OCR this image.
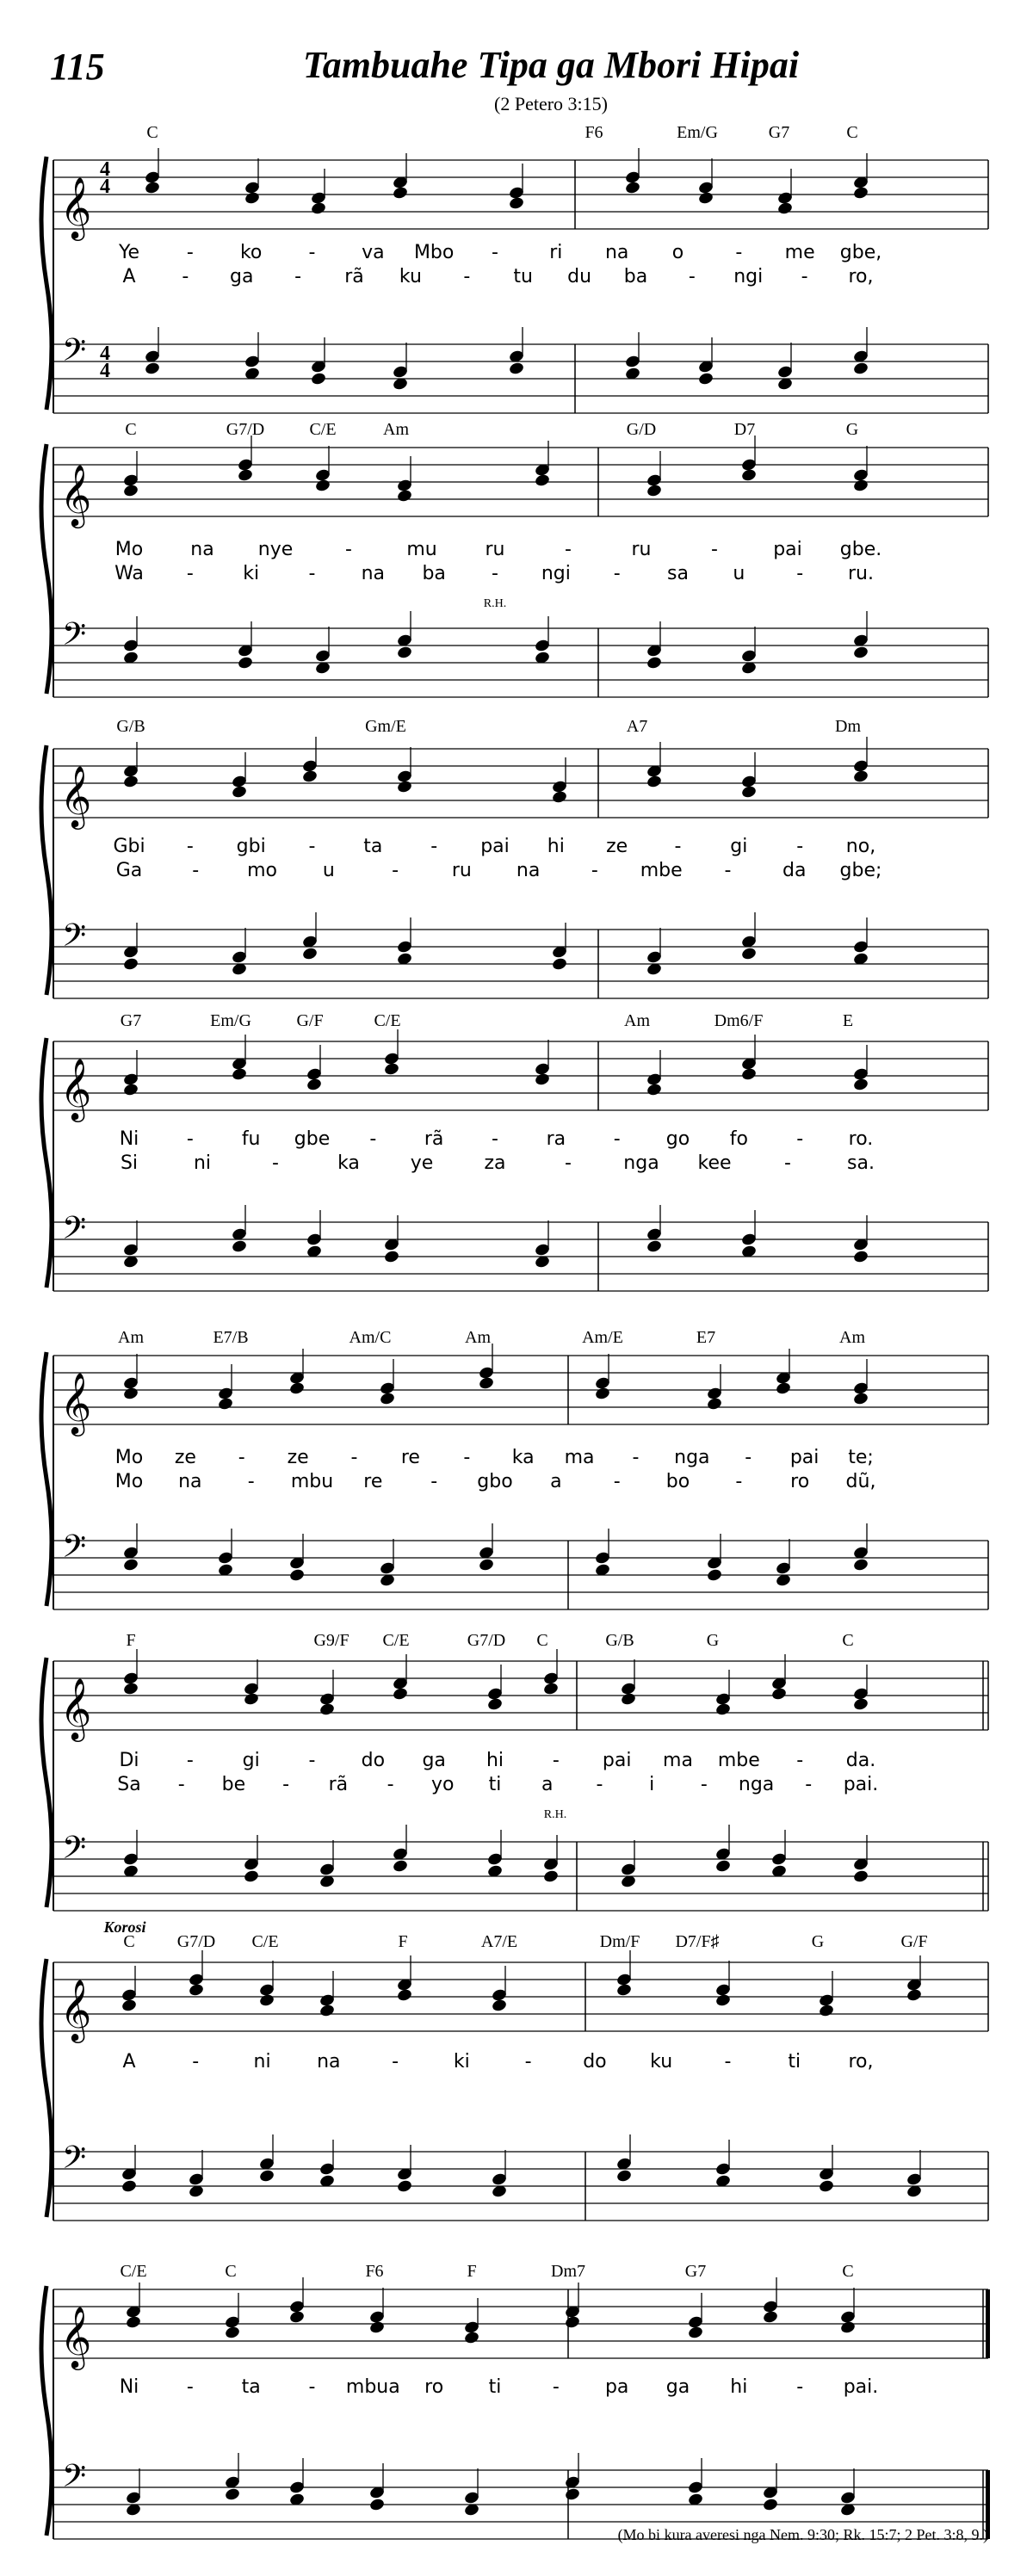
115	Tambuahe Tipa ga Mbori Hipai
(2 Petero 3:15)
𝄞
𝄢
4
4
4
4
C	F6	Em/G	G7	C
Ye - ko - va Mbo -	ri na o	- me gbe,
A - ga - rã ku - tu du ba - ngi - ro,
𝄞
𝄢
C	G7/D	C/E	Am	G/D	D7	G
Mo	na nye	-	mu	ru	-	ru	-	pai gbe.
Wa -	ki	- na ba - ngi - sa u	- ru.
𝄞
𝄢
G/B	Gm/E	A7	Dm
Gbi - gbi -	ta	- pai hi ze -	gi	- no,
Ga	-	mo u	-	ru na	- mbe -	da gbe;
𝄞
𝄢
G7	Em/G	G/F	C/E	Am	Dm6/F	E
Ni	-	fu gbe -	rã	-	ra	- go fo	- ro.
Si	ni	-	ka	ye	za	-	nga kee	-	sa.
𝄞
𝄢
Am	E7/B	Am/C	Am	Am/E	E7	Am
Mo ze - ze - re - ka ma - nga - pai te;
Mo na - mbu re	- gbo a	- bo -	ro dũ,
𝄞
𝄢
F	G9/F C/E	G7/D C	G/B	G	C
Di	-	gi	- do ga hi	- pai ma mbe - da.
Sa - be - rã - yo ti a - i - nga - pai.
𝄞
𝄢
C G7/D C/E	F	A7/E	Dm/F D7/F♯	G	G/F
A	-	ni na	-	ki	-	do ku	-	ti	ro,
𝄞
𝄢
C/E	C	F6	F	Dm7	G7	C
Ni	-	ta	- mbua ro ti	- pa ga hi	- pai.
R.H.
R.H.
Korosi
(Mo bi kura averesi nga Nem. 9:30; Rk. 15:7; 2 Pet. 3:8, 9.)
